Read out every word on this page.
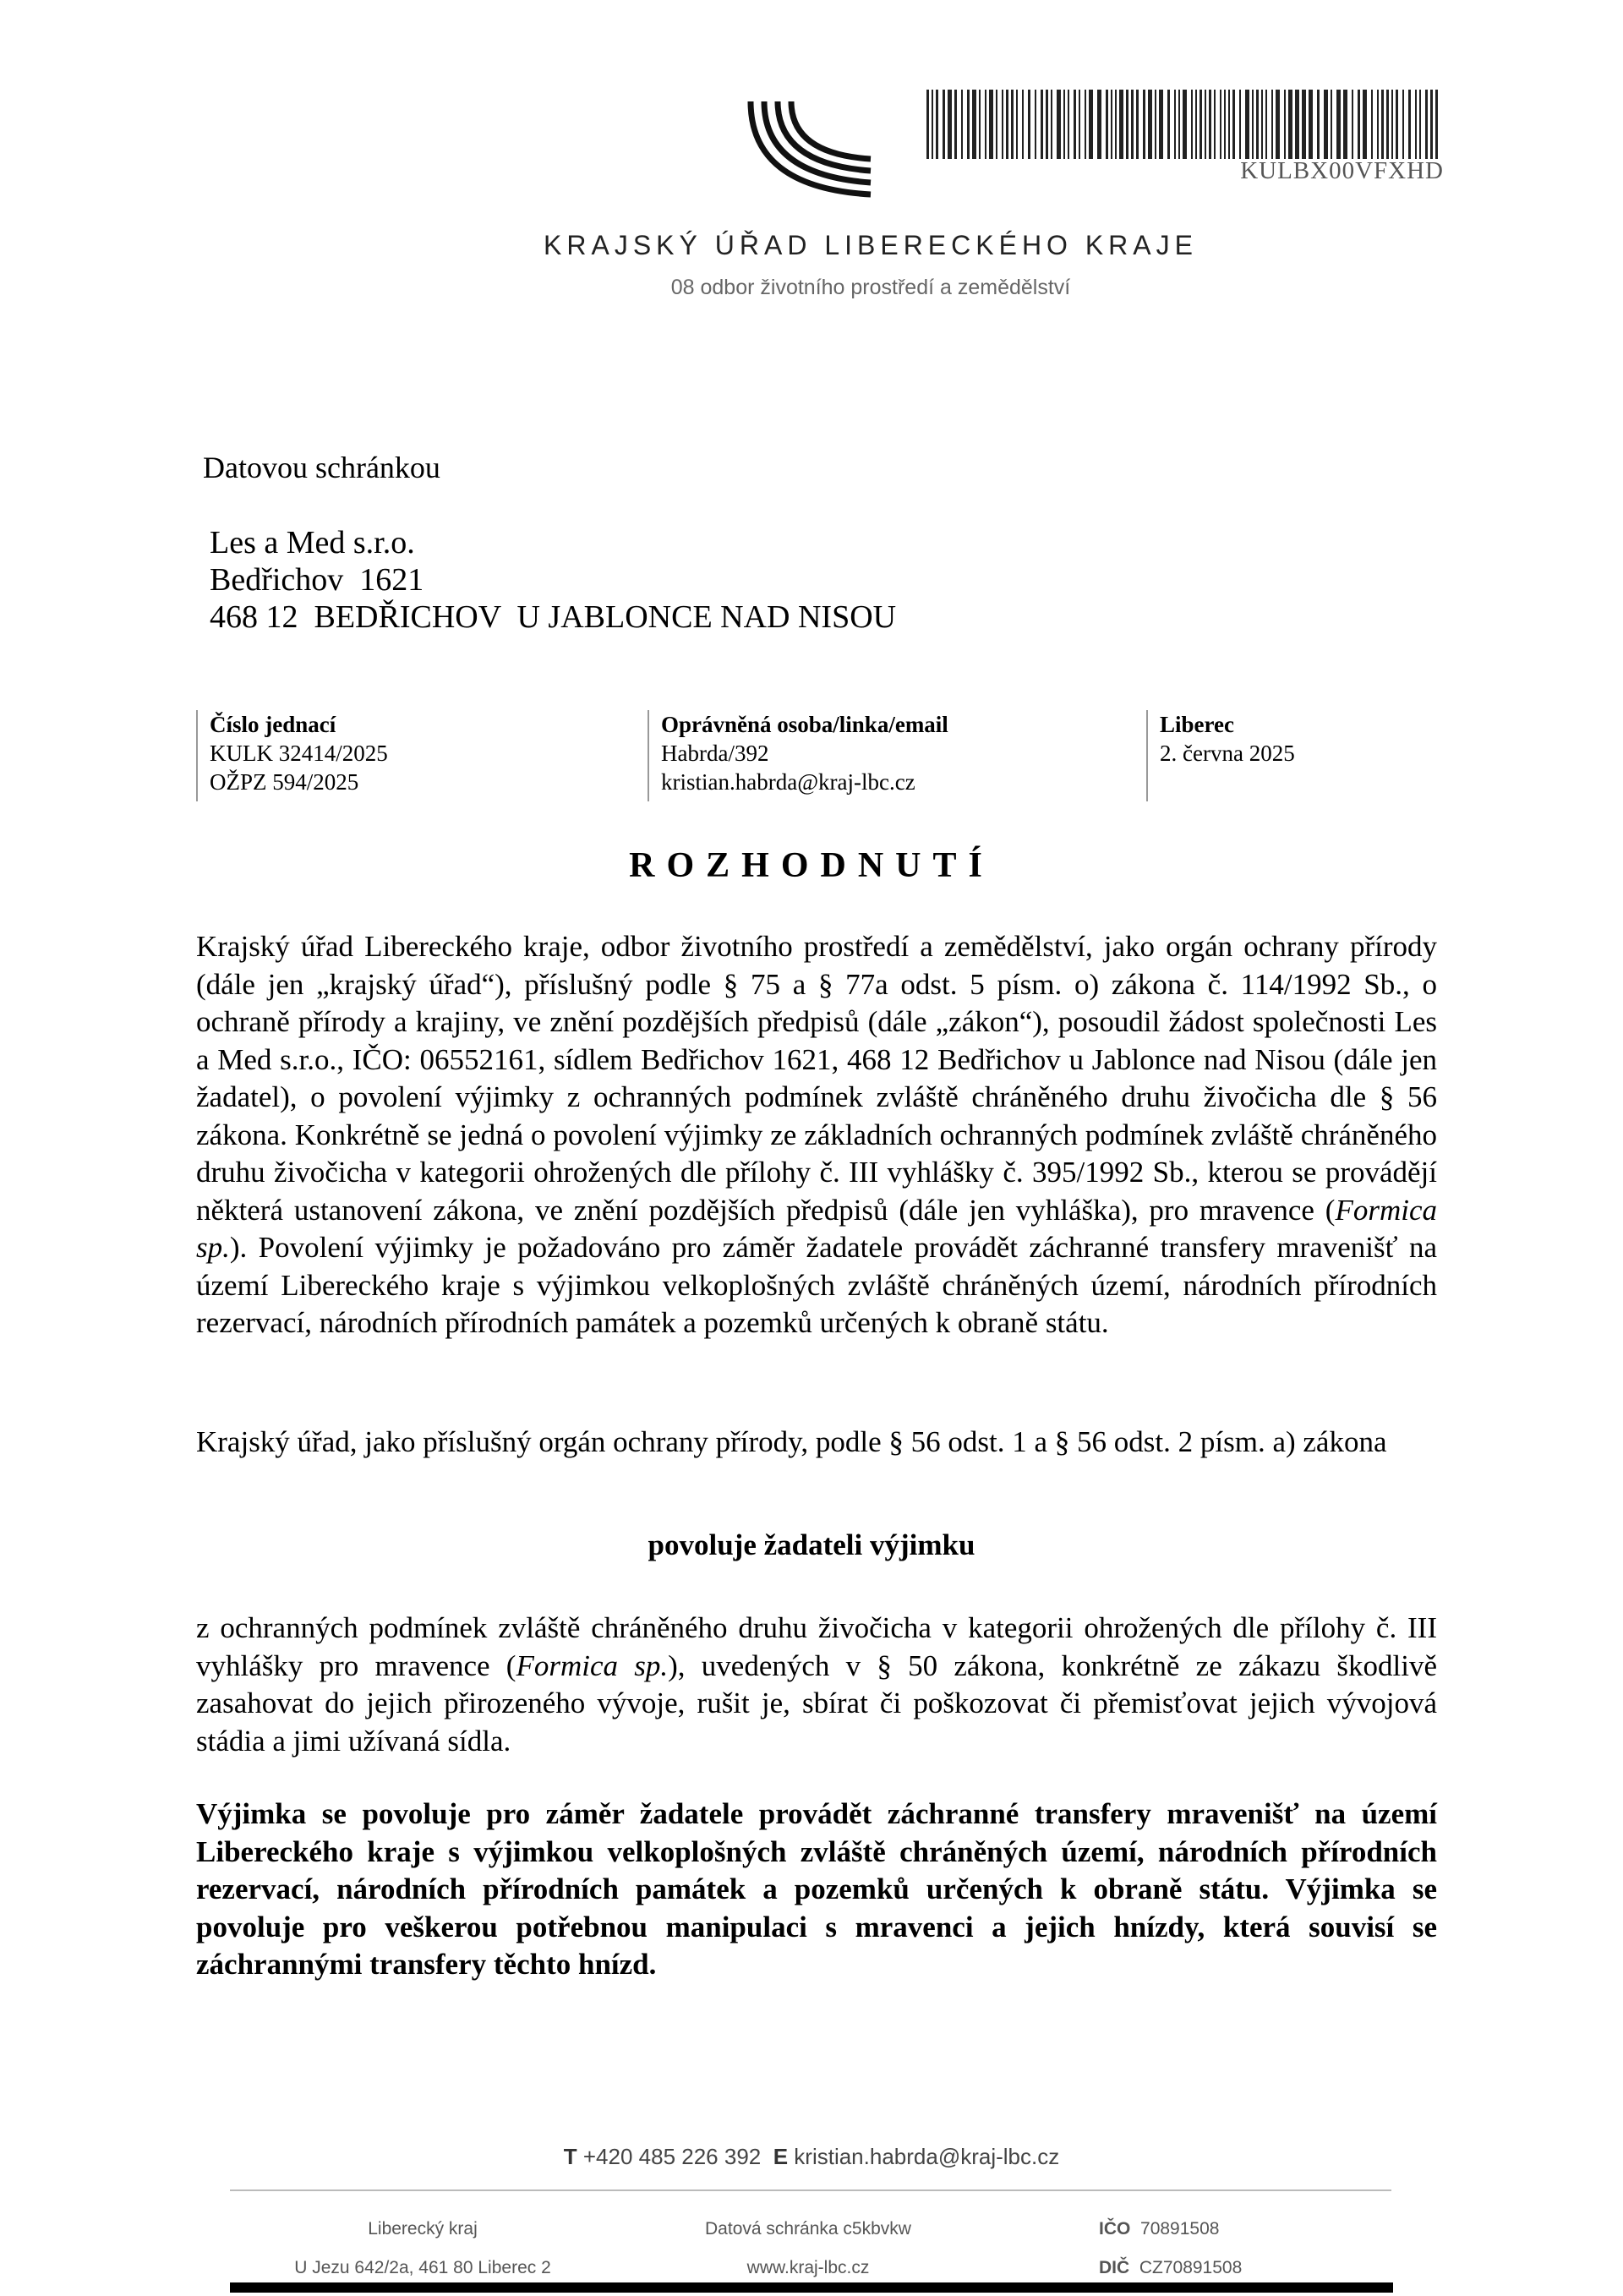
KULBX00VFXHD
KRAJSKÝ ÚŘAD LIBERECKÉHO KRAJE
08 odbor životního prostředí a zemědělství
Datovou schránkou
Les a Med s.r.o.
Bedřichov  1621
468 12  BEDŘICHOV  U JABLONCE NAD NISOU
Číslo jednací
KULK 32414/2025
OŽPZ 594/2025
Oprávněná osoba/linka/email
Habrda/392
kristian.habrda@kraj-lbc.cz
Liberec
2. června 2025
ROZHODNUTÍ
Krajský úřad Libereckého kraje, odbor životního prostředí a zemědělství, jako orgán ochrany přírody (dále jen „krajský úřad“), příslušný podle § 75 a § 77a odst. 5 písm. o) zákona č. 114/1992 Sb., o ochraně přírody a krajiny, ve znění pozdějších předpisů (dále „zákon“), posoudil žádost společnosti Les a Med s.r.o., IČO: 06552161, sídlem Bedřichov 1621, 468 12 Bedřichov u Jablonce nad Nisou (dále jen žadatel), o povolení výjimky z ochranných podmínek zvláště chráněného druhu živočicha dle § 56 zákona. Konkrétně se jedná o povolení výjimky ze základních ochranných podmínek zvláště chráněného druhu živočicha v kategorii ohrožených dle přílohy č. III vyhlášky č. 395/1992 Sb., kterou se provádějí některá ustanovení zákona, ve znění pozdějších předpisů (dále jen vyhláška), pro mravence (Formica sp.). Povolení výjimky je požadováno pro záměr žadatele provádět záchranné transfery mravenišť na území Libereckého kraje s výjimkou velkoplošných zvláště chráněných území, národních přírodních rezervací, národních přírodních památek a pozemků určených k obraně státu.
Krajský úřad, jako příslušný orgán ochrany přírody, podle § 56 odst. 1 a § 56 odst. 2 písm. a) zákona
povoluje žadateli výjimku
z ochranných podmínek zvláště chráněného druhu živočicha v kategorii ohrožených dle přílohy č. III vyhlášky pro mravence (Formica sp.), uvedených v § 50 zákona, konkrétně ze zákazu škodlivě zasahovat do jejich přirozeného vývoje, rušit je, sbírat či poškozovat či přemisťovat jejich vývojová stádia a jimi užívaná sídla.
Výjimka se povoluje pro záměr žadatele provádět záchranné transfery mravenišť na území Libereckého kraje s výjimkou velkoplošných zvláště chráněných území, národních přírodních rezervací, národních přírodních památek a pozemků určených k obraně státu. Výjimka se povoluje pro veškerou potřebnou manipulaci s mravenci a jejich hnízdy, která souvisí se záchrannými transfery těchto hnízd.
T +420 485 226 392 E kristian.habrda@kraj-lbc.cz
Liberecký kraj
U Jezu 642/2a, 461 80 Liberec 2
Datová schránka c5kbvkw
www.kraj-lbc.cz
IČO 70891508
DIČ CZ70891508
